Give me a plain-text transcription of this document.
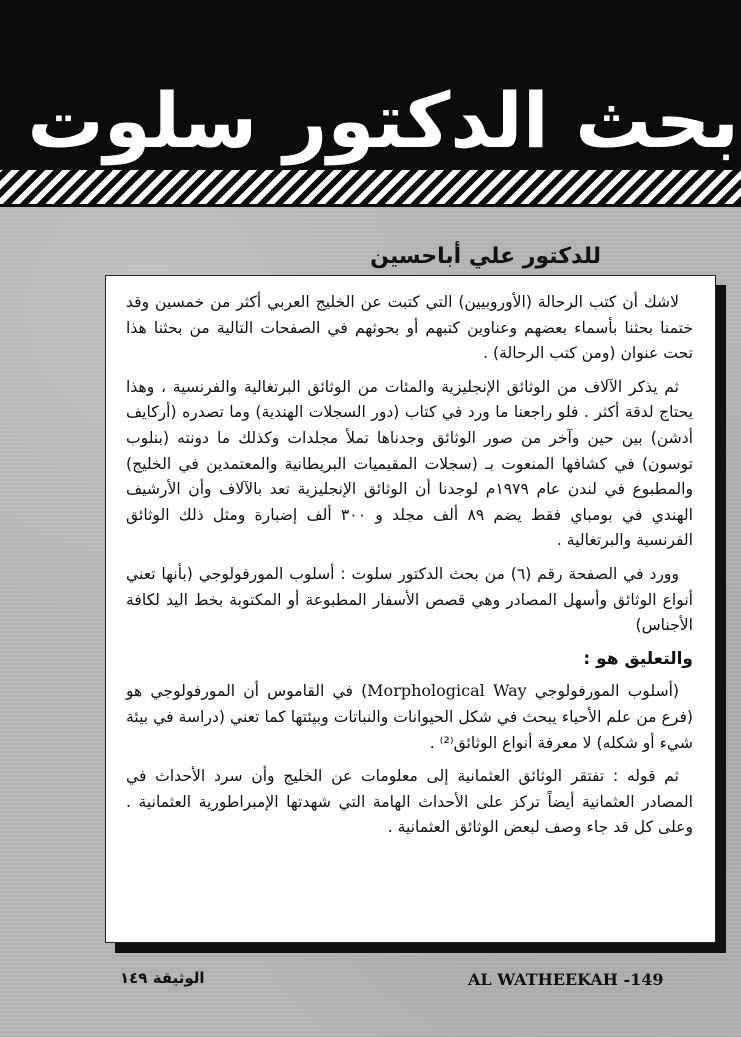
بحث الدكتور سلوت
للدكتور علي أباحسين

لاشك أن كتب الرحالة (الأوروبيين) التي كتبت عن الخليج العربي أكثر من خمسين وقد ختمنا بحثنا بأسماء بعضهم وعناوين كتبهم أو بحوثهم في الصفحات التالية من بحثنا هذا تحت عنوان (ومن كتب الرحالة) .

ثم يذكر الآلاف من الوثائق الإنجليزية والمئات من الوثائق البرتغالية والفرنسية ، وهذا يحتاج لدقة أكثر . فلو راجعنا ما ورد في كتاب (دور السجلات الهندية) وما تصدره (أركايف أدشن) بين حين وآخر من صور الوثائق وجدناها تملأ مجلدات وكذلك ما دونته (بنلوب توسون) في كشافها المنعوت بـ (سجلات المقيميات البريطانية والمعتمدين في الخليج) والمطبوع في لندن عام ١٩٧٩م لوجدنا أن الوثائق الإنجليزية تعد بالآلاف وأن الأرشيف الهندي في بومباي فقط يضم ٨٩ ألف مجلد و ٣٠٠ ألف إضبارة ومثل ذلك الوثائق الفرنسية والبرتغالية .

وورد في الصفحة رقم (٦) من بحث الدكتور سلوت : أسلوب المورفولوجي (بأنها تعني أنواع الوثائق وأسهل المصادر وهي قصص الأسفار المطبوعة أو المكتوبة بخط اليد لكافة الأجناس)

والتعليق هو :

(أسلوب المورفولوجي Morphological Way) في القاموس أن المورفولوجي هو (فرع من علم الأحياء يبحث في شكل الحيوانات والنباتات وبيئتها كما تعني (دراسة في بيئة شيء أو شكله) لا معرفة أنواع الوثائق⁽²⁾ .

ثم قوله : تفتقر الوثائق العثمانية إلى معلومات عن الخليج وأن سرد الأحداث في المصادر العثمانية أيضاً تركز على الأحداث الهامة التي شهدتها الإمبراطورية العثمانية . وعلى كل قد جاء وصف لبعض الوثائق العثمانية .

AL WATHEEKAH -149
الوثيقة ١٤٩
